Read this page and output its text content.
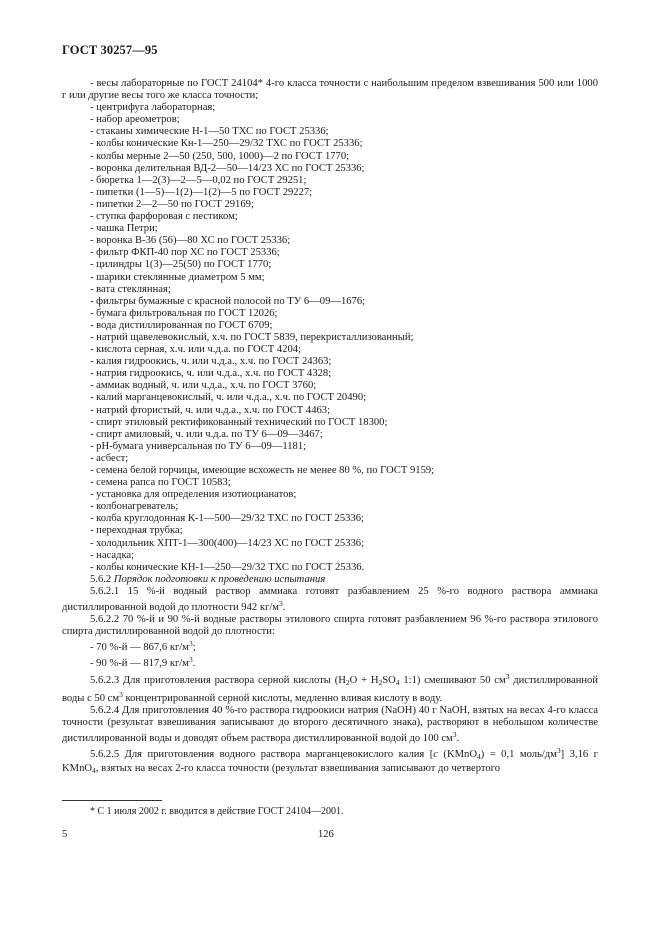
ГОСТ 30257—95

- весы лабораторные по ГОСТ 24104* 4-го класса точности с наибольшим пределом взвешивания 500 или 1000 г или другие весы того же класса точности;

- центрифуга лабораторная;

- набор ареометров;

- стаканы химические Н-1—50 ТХС по ГОСТ 25336;

- колбы конические Кн-1—250—29/32 ТХС по ГОСТ 25336;

- колбы мерные 2—50 (250, 500, 1000)—2 по ГОСТ 1770;

- воронка делительная ВД-2—50—14/23 ХС по ГОСТ 25336;

- бюретка 1—2(3)—2—5—0,02 по ГОСТ 29251;

- пипетки (1—5)—1(2)—1(2)—5 по ГОСТ 29227;

- пипетки 2—2—50 по ГОСТ 29169;

- ступка фарфоровая с пестиком;

- чашка Петри;

- воронка В-36 (56)—80 ХС по ГОСТ 25336;

- фильтр ФКП-40 пор ХС по ГОСТ 25336;

- цилиндры 1(3)—25(50) по ГОСТ 1770;

- шарики стеклянные диаметром 5 мм;

- вата стеклянная;

- фильтры бумажные с красной полосой по ТУ 6—09—1676;

- бумага фильтровальная по ГОСТ 12026;

- вода дистиллированная по ГОСТ 6709;

- натрий щавелевокислый, х.ч. по ГОСТ 5839, перекристаллизованный;

- кислота серная, х.ч. или ч.д.а. по ГОСТ 4204;

- калия гидроокись, ч. или ч.д.а., х.ч. по ГОСТ 24363;

- натрия гидроокись, ч. или ч.д.а., х.ч. по ГОСТ 4328;

- аммиак водный, ч. или ч.д.а., х.ч. по ГОСТ 3760;

- калий марганцевокислый, ч. или ч.д.а., х.ч. по ГОСТ 20490;

- натрий фтористый, ч. или ч.д.а., х.ч. по ГОСТ 4463;

- спирт этиловый ректификованный технический по ГОСТ 18300;

- спирт амиловый, ч. или ч.д.а. по ТУ 6—09—3467;

- рН-бумага универсальная по ТУ 6—09—1181;

- асбест;

- семена белой горчицы, имеющие всхожесть не менее 80 %, по ГОСТ 9159;

- семена рапса по ГОСТ 10583;

- установка для определения изотиоцианатов;

- колбонагреватель;

- колба круглодонная К-1—500—29/32 ТХС по ГОСТ 25336;

- переходная трубка;

- холодильник ХПТ-1—300(400)—14/23 ХС по ГОСТ 25336;

- насадка;

- колбы конические КН-1—250—29/32 ТХС по ГОСТ 25336.

5.6.2 Порядок подготовки к проведению испытания

5.6.2.1 15 %-й водный раствор аммиака готовят разбавлением 25 %-го водного раствора аммиака дистиллированной водой до плотности 942 $кг/м^3$.

5.6.2.2 70 %-й и 90 %-й водные растворы этилового спирта готовят разбавлением 96 %-го раствора этилового спирта дистиллированной водой до плотности:

- 70 %-й — 867,6 $кг/м^3$;

- 90 %-й — 817,9 $кг/м^3$.

5.6.2.3 Для приготовления раствора серной кислоты ($H_2O + H_2SO_4$ 1:1) смешивают 50 $см^3$ дистиллированной воды с 50 $см^3$ концентрированной серной кислоты, медленно вливая кислоту в воду.

5.6.2.4 Для приготовления 40 %-го раствора гидроокиси натрия (NaOH) 40 г NaOH, взятых на весах 4-го класса точности (результат взвешивания записывают до второго десятичного знака), растворяют в небольшом количестве дистиллированной воды и доводят объем раствора дистиллированной водой до 100 $см^3$.

5.6.2.5 Для приготовления водного раствора марганцевокислого калия [c (KMnO$_4$) = 0,1 моль/$дм^3$] 3,16 г KMnO$_4$, взятых на весах 2-го класса точности (результат взвешивания записывают до четвертого

* С 1 июля 2002 г. вводится в действие ГОСТ 24104—2001.
5	126
